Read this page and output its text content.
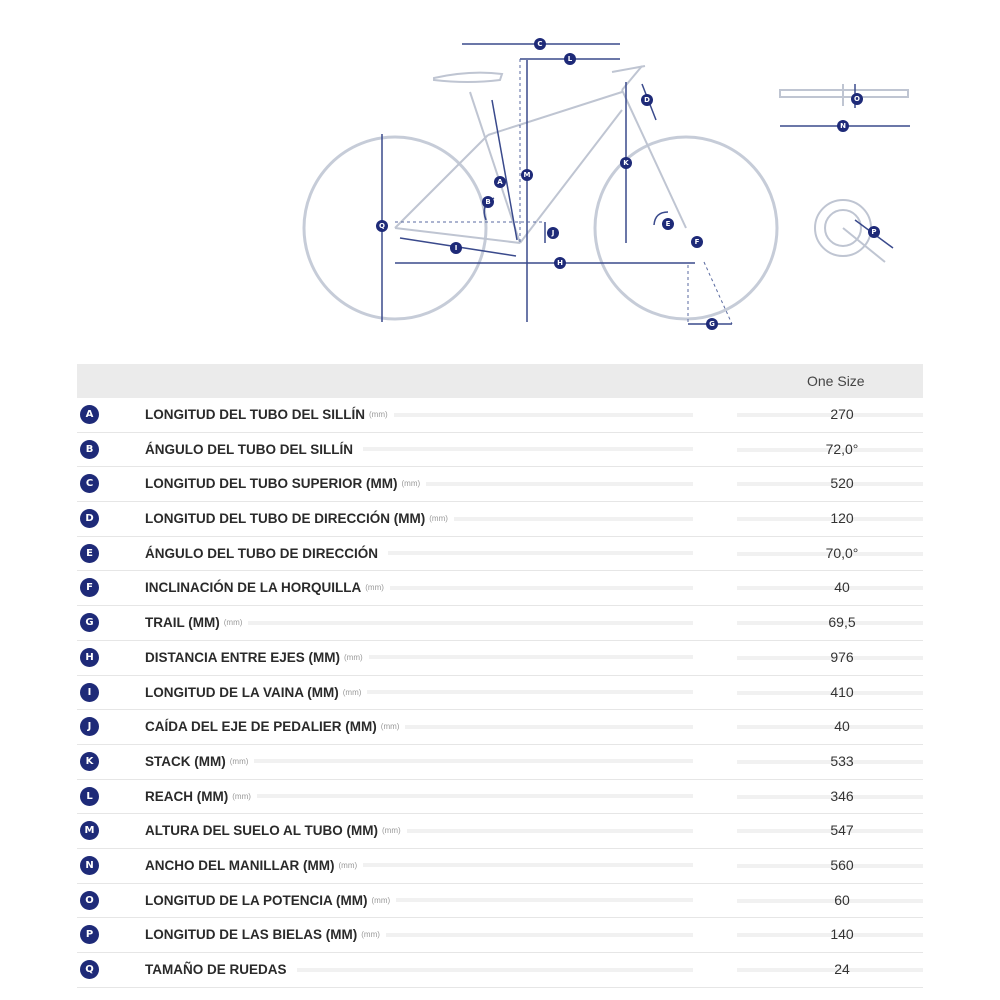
A
B
C
D
E
F
G
H
I
J
K
L
M
N
O
P
Q
One Size
A	LONGITUD DEL TUBO DEL SILLÍN (mm)	270
B	ÁNGULO DEL TUBO DEL SILLÍN	72,0°
C	LONGITUD DEL TUBO SUPERIOR (MM) (mm)	520
D	LONGITUD DEL TUBO DE DIRECCIÓN (MM) (mm)	120
E	ÁNGULO DEL TUBO DE DIRECCIÓN	70,0°
F	INCLINACIÓN DE LA HORQUILLA (mm)	40
G	TRAIL (MM) (mm)	69,5
H	DISTANCIA ENTRE EJES (MM) (mm)	976
I	LONGITUD DE LA VAINA (MM) (mm)	410
J	CAÍDA DEL EJE DE PEDALIER (MM) (mm)	40
K	STACK (MM) (mm)	533
L	REACH (MM) (mm)	346
M	ALTURA DEL SUELO AL TUBO (MM) (mm)	547
N	ANCHO DEL MANILLAR (MM) (mm)	560
O	LONGITUD DE LA POTENCIA (MM) (mm)	60
P	LONGITUD DE LAS BIELAS (MM) (mm)	140
Q	TAMAÑO DE RUEDAS	24
